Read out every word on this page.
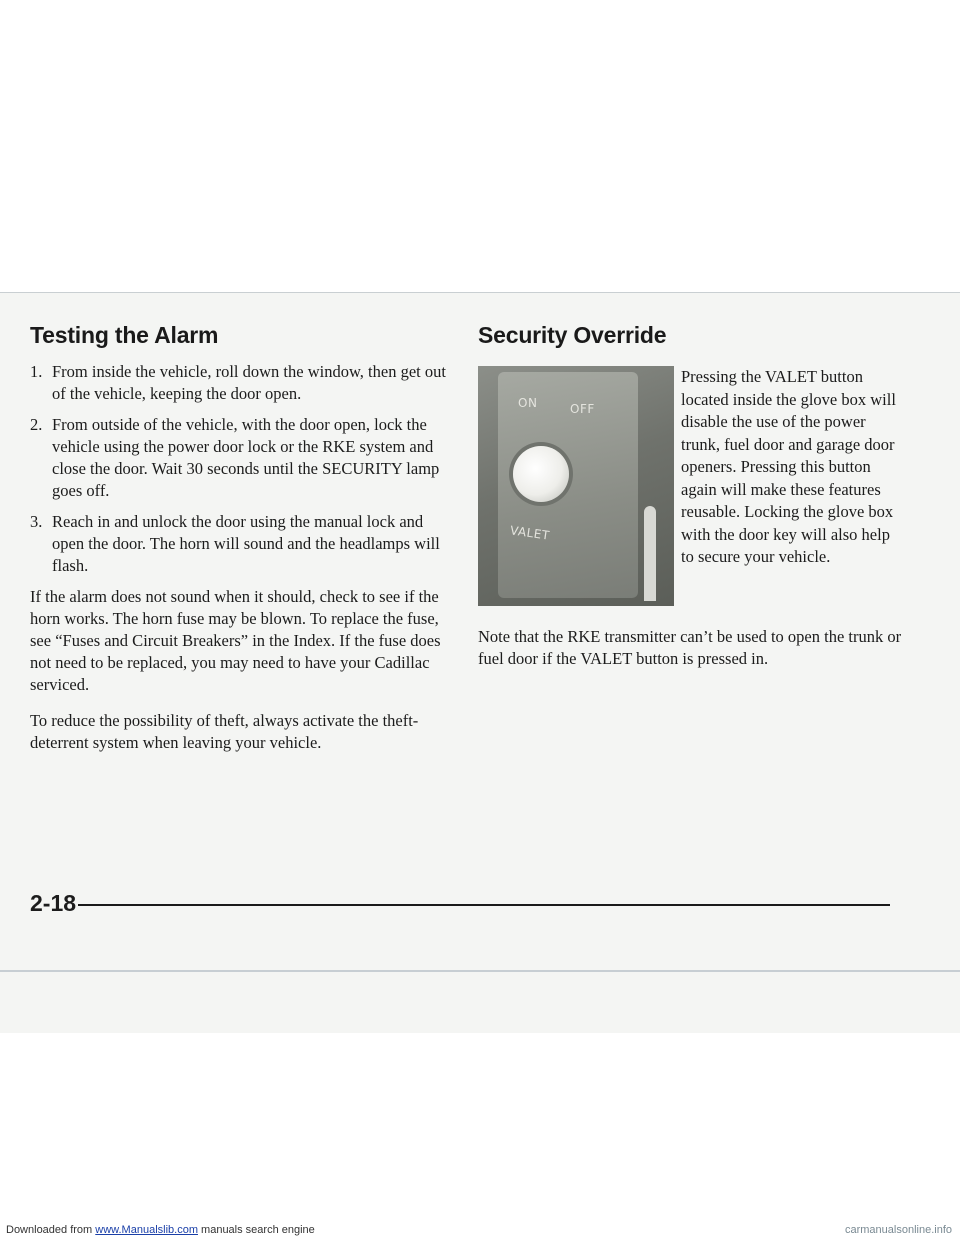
Testing the Alarm
1. From inside the vehicle, roll down the window, then get out of the vehicle, keeping the door open.
2. From outside of the vehicle, with the door open, lock the vehicle using the power door lock or the RKE system and close the door. Wait 30 seconds until the SECURITY lamp goes off.
3. Reach in and unlock the door using the manual lock and open the door. The horn will sound and the headlamps will flash.

If the alarm does not sound when it should, check to see if the horn works. The horn fuse may be blown. To replace the fuse, see “Fuses and Circuit Breakers” in the Index. If the fuse does not need to be replaced, you may need to have your Cadillac serviced.

To reduce the possibility of theft, always activate the theft-deterrent system when leaving your vehicle.

Security Override
ON	OFF
VALET
Pressing the VALET button located inside the glove box will disable the use of the power trunk, fuel door and garage door openers. Pressing this button again will make these features reusable. Locking the glove box with the door key will also help to secure your vehicle.

Note that the RKE transmitter can’t be used to open the trunk or fuel door if the VALET button is pressed in.

2-18
Downloaded from www.Manualslib.com manuals search engine	carmanualsonline.info
